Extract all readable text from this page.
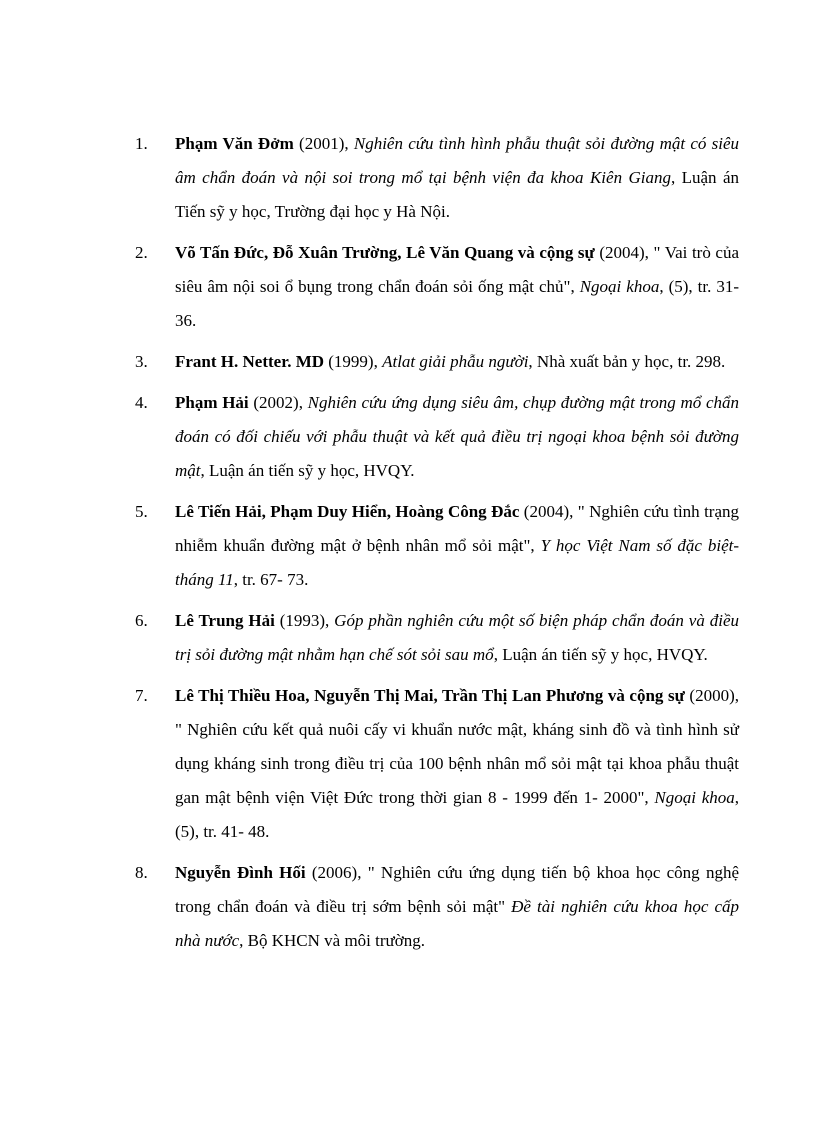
1. Phạm Văn Đởm (2001), Nghiên cứu tình hình phẫu thuật sỏi đường mật có siêu âm chẩn đoán và nội soi trong mổ tại bệnh viện đa khoa Kiên Giang, Luận án Tiến sỹ y học, Trường đại học y Hà Nội.
2. Võ Tấn Đức, Đỗ Xuân Trường, Lê Văn Quang và cộng sự (2004), " Vai trò của siêu âm nội soi ổ bụng trong chẩn đoán sỏi ống mật chủ", Ngoại khoa, (5), tr. 31- 36.
3. Frant H. Netter. MD (1999), Atlat giải phẫu người, Nhà xuất bản y học, tr. 298.
4. Phạm Hải (2002), Nghiên cứu ứng dụng siêu âm, chụp đường mật trong mổ chẩn đoán có đối chiếu với phẫu thuật và kết quả điều trị ngoại khoa bệnh sỏi đường mật, Luận án tiến sỹ y học, HVQY.
5. Lê Tiến Hải, Phạm Duy Hiển, Hoàng Công Đắc (2004), " Nghiên cứu tình trạng nhiễm khuẩn đường mật ở bệnh nhân mổ sỏi mật", Y học Việt Nam số đặc biệt- tháng 11, tr. 67- 73.
6. Lê Trung Hải (1993), Góp phần nghiên cứu một số biện pháp chẩn đoán và điều trị sỏi đường mật nhằm hạn chế sót sỏi sau mổ, Luận án tiến sỹ y học, HVQY.
7. Lê Thị Thiều Hoa, Nguyễn Thị Mai, Trần Thị Lan Phương và cộng sự (2000), " Nghiên cứu kết quả nuôi cấy vi khuẩn nước mật, kháng sinh đồ và tình hình sử dụng kháng sinh trong điều trị của 100 bệnh nhân mổ sỏi mật tại khoa phẫu thuật gan mật bệnh viện Việt Đức trong thời gian 8 - 1999 đến 1- 2000", Ngoại khoa, (5), tr. 41- 48.
8. Nguyễn Đình Hối (2006), " Nghiên cứu ứng dụng tiến bộ khoa học công nghệ trong chẩn đoán và điều trị sớm bệnh sỏi mật" Đề tài nghiên cứu khoa học cấp nhà nước, Bộ KHCN và môi trường.
